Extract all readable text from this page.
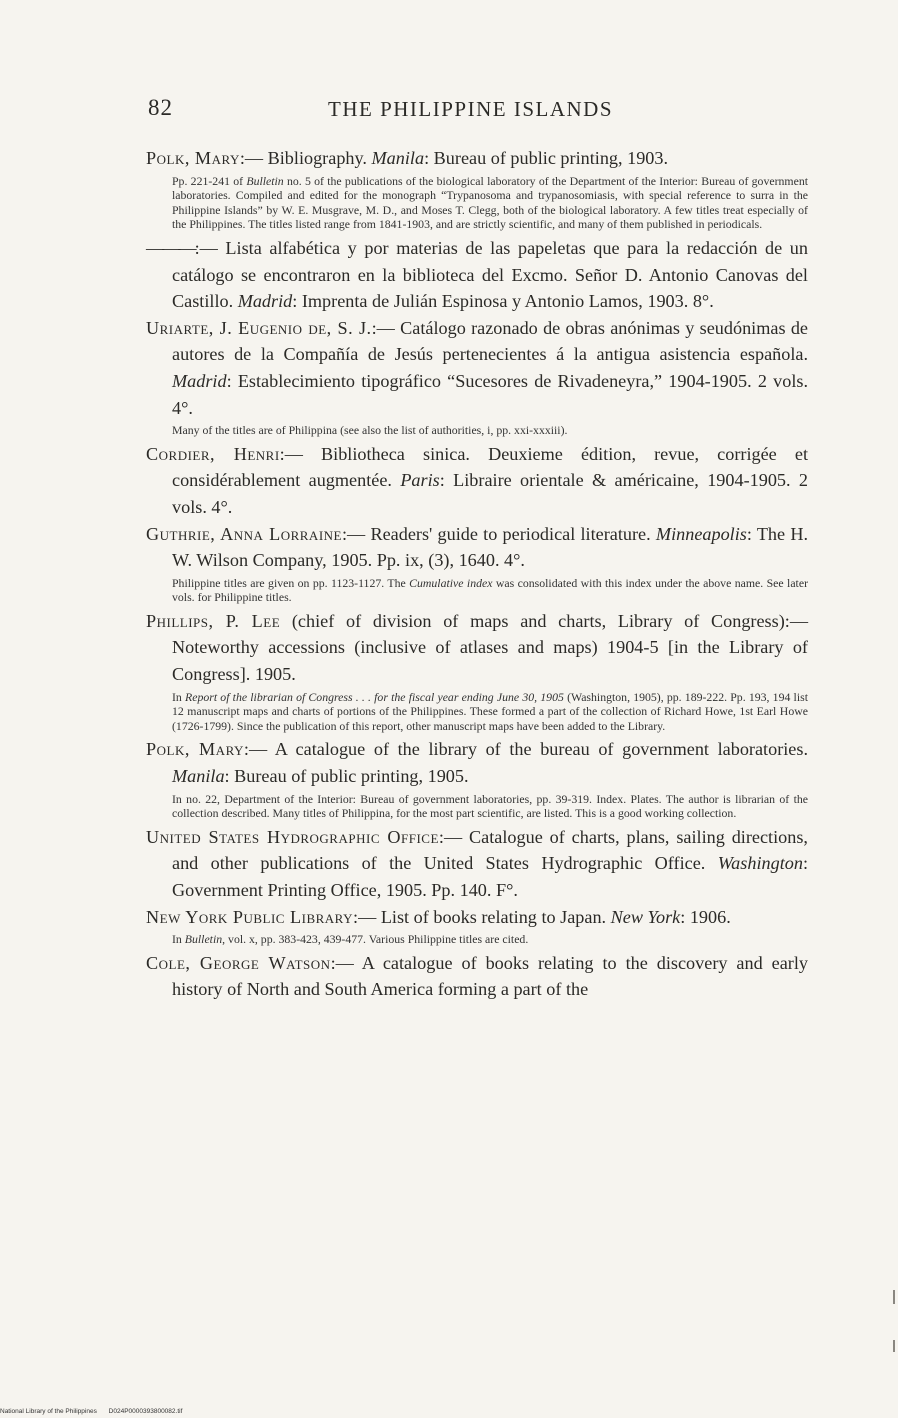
82	THE PHILIPPINE ISLANDS

Polk, Mary:— Bibliography. Manila: Bureau of public printing, 1903.

Pp. 221-241 of Bulletin no. 5 of the publications of the biological laboratory of the Department of the Interior: Bureau of government laboratories. Compiled and edited for the monograph “Trypanosoma and trypanosomiasis, with special reference to surra in the Philippine Islands” by W. E. Musgrave, M. D., and Moses T. Clegg, both of the biological laboratory. A few titles treat especially of the Philippines. The titles listed range from 1841-1903, and are strictly scientific, and many of them published in periodicals.

———:— Lista alfabética y por materias de las papeletas que para la redacción de un catálogo se encontraron en la biblioteca del Excmo. Señor D. Antonio Canovas del Castillo. Madrid: Imprenta de Julián Espinosa y Antonio Lamos, 1903. 8°.

Uriarte, J. Eugenio de, S. J.:— Catálogo razonado de obras anónimas y seudónimas de autores de la Compañía de Jesús pertenecientes á la antigua asistencia española. Madrid: Establecimiento tipográfico “Sucesores de Rivadeneyra,” 1904-1905. 2 vols. 4°.

Many of the titles are of Philippina (see also the list of authorities, i, pp. xxi-xxxiii).

Cordier, Henri:— Bibliotheca sinica. Deuxieme édition, revue, corrigée et considérablement augmentée. Paris: Libraire orientale & américaine, 1904-1905. 2 vols. 4°.

Guthrie, Anna Lorraine:— Readers' guide to periodical literature. Minneapolis: The H. W. Wilson Company, 1905. Pp. ix, (3), 1640. 4°.

Philippine titles are given on pp. 1123-1127. The Cumulative index was consolidated with this index under the above name. See later vols. for Philippine titles.

Phillips, P. Lee (chief of division of maps and charts, Library of Congress):— Noteworthy accessions (inclusive of atlases and maps) 1904-5 [in the Library of Congress]. 1905.

In Report of the librarian of Congress . . . for the fiscal year ending June 30, 1905 (Washington, 1905), pp. 189-222. Pp. 193, 194 list 12 manuscript maps and charts of portions of the Philippines. These formed a part of the collection of Richard Howe, 1st Earl Howe (1726-1799). Since the publication of this report, other manuscript maps have been added to the Library.

Polk, Mary:— A catalogue of the library of the bureau of government laboratories. Manila: Bureau of public printing, 1905.

In no. 22, Department of the Interior: Bureau of government laboratories, pp. 39-319. Index. Plates. The author is librarian of the collection described. Many titles of Philippina, for the most part scientific, are listed. This is a good working collection.

United States Hydrographic Office:— Catalogue of charts, plans, sailing directions, and other publications of the United States Hydrographic Office. Washington: Government Printing Office, 1905. Pp. 140. F°.

New York Public Library:— List of books relating to Japan. New York: 1906.

In Bulletin, vol. x, pp. 383-423, 439-477. Various Philippine titles are cited.

Cole, George Watson:— A catalogue of books relating to the discovery and early history of North and South America forming a part of the

National Library of the Philippines D024P0000393800082.tif
